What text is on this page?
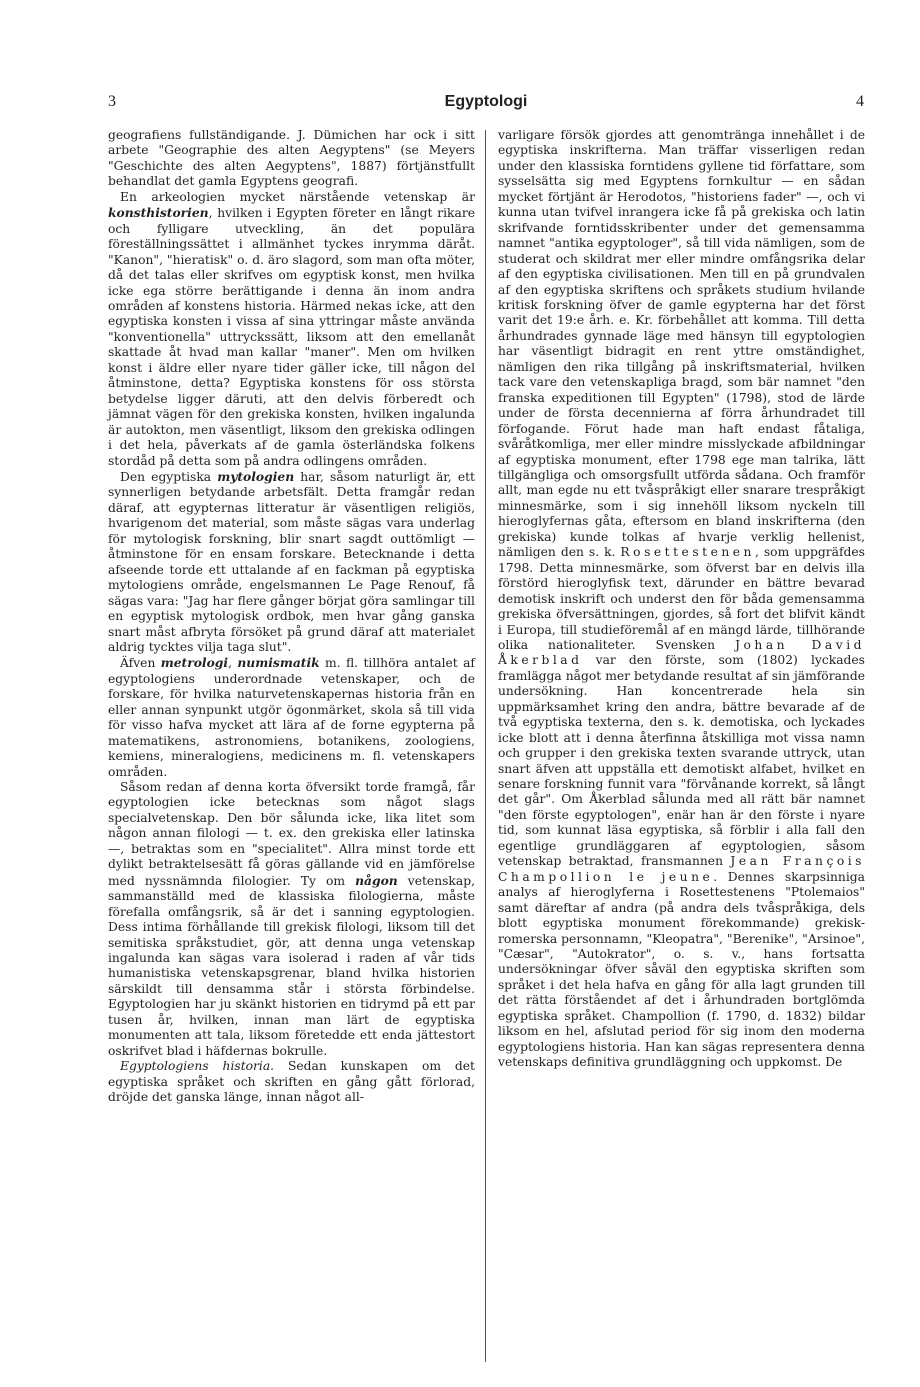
3	Egyptologi	4

geografiens fullständigande. J. Dümichen har ock i sitt arbete "Geographie des alten Aegyptens" (se Meyers "Geschichte des alten Aegyptens", 1887) förtjänstfullt behandlat det gamla Egyptens geografi.

En arkeologien mycket närstående vetenskap är konsthistorien, hvilken i Egypten företer en långt rikare och fylligare utveckling, än det populära föreställningssättet i allmänhet tyckes inrymma däråt. "Kanon", "hieratisk" o. d. äro slagord, som man ofta möter, då det talas eller skrifves om egyptisk konst, men hvilka icke ega större berättigande i denna än inom andra områden af konstens historia. Härmed nekas icke, att den egyptiska konsten i vissa af sina yttringar måste använda "konventionella" uttryckssätt, liksom att den emellanåt skattade åt hvad man kallar "maner". Men om hvilken konst i äldre eller nyare tider gäller icke, till någon del åtminstone, detta? Egyptiska konstens för oss största betydelse ligger däruti, att den delvis förberedt och jämnat vägen för den grekiska konsten, hvilken ingalunda är autokton, men väsentligt, liksom den grekiska odlingen i det hela, påverkats af de gamla österländska folkens stordåd på detta som på andra odlingens områden.

Den egyptiska mytologien har, såsom naturligt är, ett synnerligen betydande arbetsfält. Detta framgår redan däraf, att egypternas litteratur är väsentligen religiös, hvarigenom det material, som måste sägas vara underlag för mytologisk forskning, blir snart sagdt outtömligt — åtminstone för en ensam forskare. Betecknande i detta afseende torde ett uttalande af en fackman på egyptiska mytologiens område, engelsmannen Le Page Renouf, få sägas vara: "Jag har flere gånger börjat göra samlingar till en egyptisk mytologisk ordbok, men hvar gång ganska snart måst afbryta försöket på grund däraf att materialet aldrig tycktes vilja taga slut".

Äfven metrologi, numismatik m. fl. tillhöra antalet af egyptologiens underordnade vetenskaper, och de forskare, för hvilka naturvetenskapernas historia från en eller annan synpunkt utgör ögonmärket, skola så till vida för visso hafva mycket att lära af de forne egypterna på matematikens, astronomiens, botanikens, zoologiens, kemiens, mineralogiens, medicinens m. fl. vetenskapers områden.

Såsom redan af denna korta öfversikt torde framgå, får egyptologien icke betecknas som något slags specialvetenskap. Den bör sålunda icke, lika litet som någon annan filologi — t. ex. den grekiska eller latinska —, betraktas som en "specialitet". Allra minst torde ett dylikt betraktelsesätt få göras gällande vid en jämförelse med nyssnämnda filologier. Ty om någon vetenskap, sammanställd med de klassiska filologierna, måste förefalla omfångsrik, så är det i sanning egyptologien. Dess intima förhållande till grekisk filologi, liksom till det semitiska språkstudiet, gör, att denna unga vetenskap ingalunda kan sägas vara isolerad i raden af vår tids humanistiska vetenskapsgrenar, bland hvilka historien särskildt till densamma står i största förbindelse. Egyptologien har ju skänkt historien en tidrymd på ett par tusen år, hvilken, innan man lärt de egyptiska monumenten att tala, liksom företedde ett enda jättestort oskrifvet blad i häfdernas bokrulle.

Egyptologiens historia. Sedan kunskapen om det egyptiska språket och skriften en gång gått förlorad, dröjde det ganska länge, innan något all-

varligare försök gjordes att genomtränga innehållet i de egyptiska inskrifterna. Man träffar visserligen redan under den klassiska forntidens gyllene tid författare, som sysselsätta sig med Egyptens fornkultur — en sådan mycket förtjänt är Herodotos, "historiens fader" —, och vi kunna utan tvifvel inrangera icke få på grekiska och latin skrifvande forntidsskribenter under det gemensamma namnet "antika egyptologer", så till vida nämligen, som de studerat och skildrat mer eller mindre omfångsrika delar af den egyptiska civilisationen. Men till en på grundvalen af den egyptiska skriftens och språkets studium hvilande kritisk forskning öfver de gamle egypterna har det först varit det 19:e årh. e. Kr. förbehållet att komma. Till detta århundrades gynnade läge med hänsyn till egyptologien har väsentligt bidragit en rent yttre omständighet, nämligen den rika tillgång på inskriftsmaterial, hvilken tack vare den vetenskapliga bragd, som bär namnet "den franska expeditionen till Egypten" (1798), stod de lärde under de första decennierna af förra århundradet till förfogande. Förut hade man haft endast fåtaliga, svåråtkomliga, mer eller mindre misslyckade afbildningar af egyptiska monument, efter 1798 ege man talrika, lätt tillgängliga och omsorgsfullt utförda sådana. Och framför allt, man egde nu ett tvåspråkigt eller snarare trespråkigt minnesmärke, som i sig innehöll liksom nyckeln till hieroglyfernas gåta, eftersom en bland inskrifterna (den grekiska) kunde tolkas af hvarje verklig hellenist, nämligen den s. k. Rosettestenen, som uppgräfdes 1798. Detta minnesmärke, som öfverst bar en delvis illa förstörd hieroglyfisk text, därunder en bättre bevarad demotisk inskrift och underst den för båda gemensamma grekiska öfversättningen, gjordes, så fort det blifvit kändt i Europa, till studieföremål af en mängd lärde, tillhörande olika nationaliteter. Svensken Johan David Åkerblad var den förste, som (1802) lyckades framlägga något mer betydande resultat af sin jämförande undersökning. Han koncentrerade hela sin uppmärksamhet kring den andra, bättre bevarade af de två egyptiska texterna, den s. k. demotiska, och lyckades icke blott att i denna återfinna åtskilliga mot vissa namn och grupper i den grekiska texten svarande uttryck, utan snart äfven att uppställa ett demotiskt alfabet, hvilket en senare forskning funnit vara "förvånande korrekt, så långt det går". Om Åkerblad sålunda med all rätt bär namnet "den förste egyptologen", enär han är den förste i nyare tid, som kunnat läsa egyptiska, så förblir i alla fall den egentlige grundläggaren af egyptologien, såsom vetenskap betraktad, fransmannen Jean François Champollion le jeune. Dennes skarpsinniga analys af hieroglyferna i Rosettestenens "Ptolemaios" samt däreftar af andra (på andra dels tvåspråkiga, dels blott egyptiska monument förekommande) grekisk-romerska personnamn, "Kleopatra", "Berenike", "Arsinoe", "Cæsar", "Autokrator", o. s. v., hans fortsatta undersökningar öfver såväl den egyptiska skriften som språket i det hela hafva en gång för alla lagt grunden till det rätta förståendet af det i århundraden bortglömda egyptiska språket. Champollion (f. 1790, d. 1832) bildar liksom en hel, afslutad period för sig inom den moderna egyptologiens historia. Han kan sägas representera denna vetenskaps definitiva grundläggning och uppkomst. De
